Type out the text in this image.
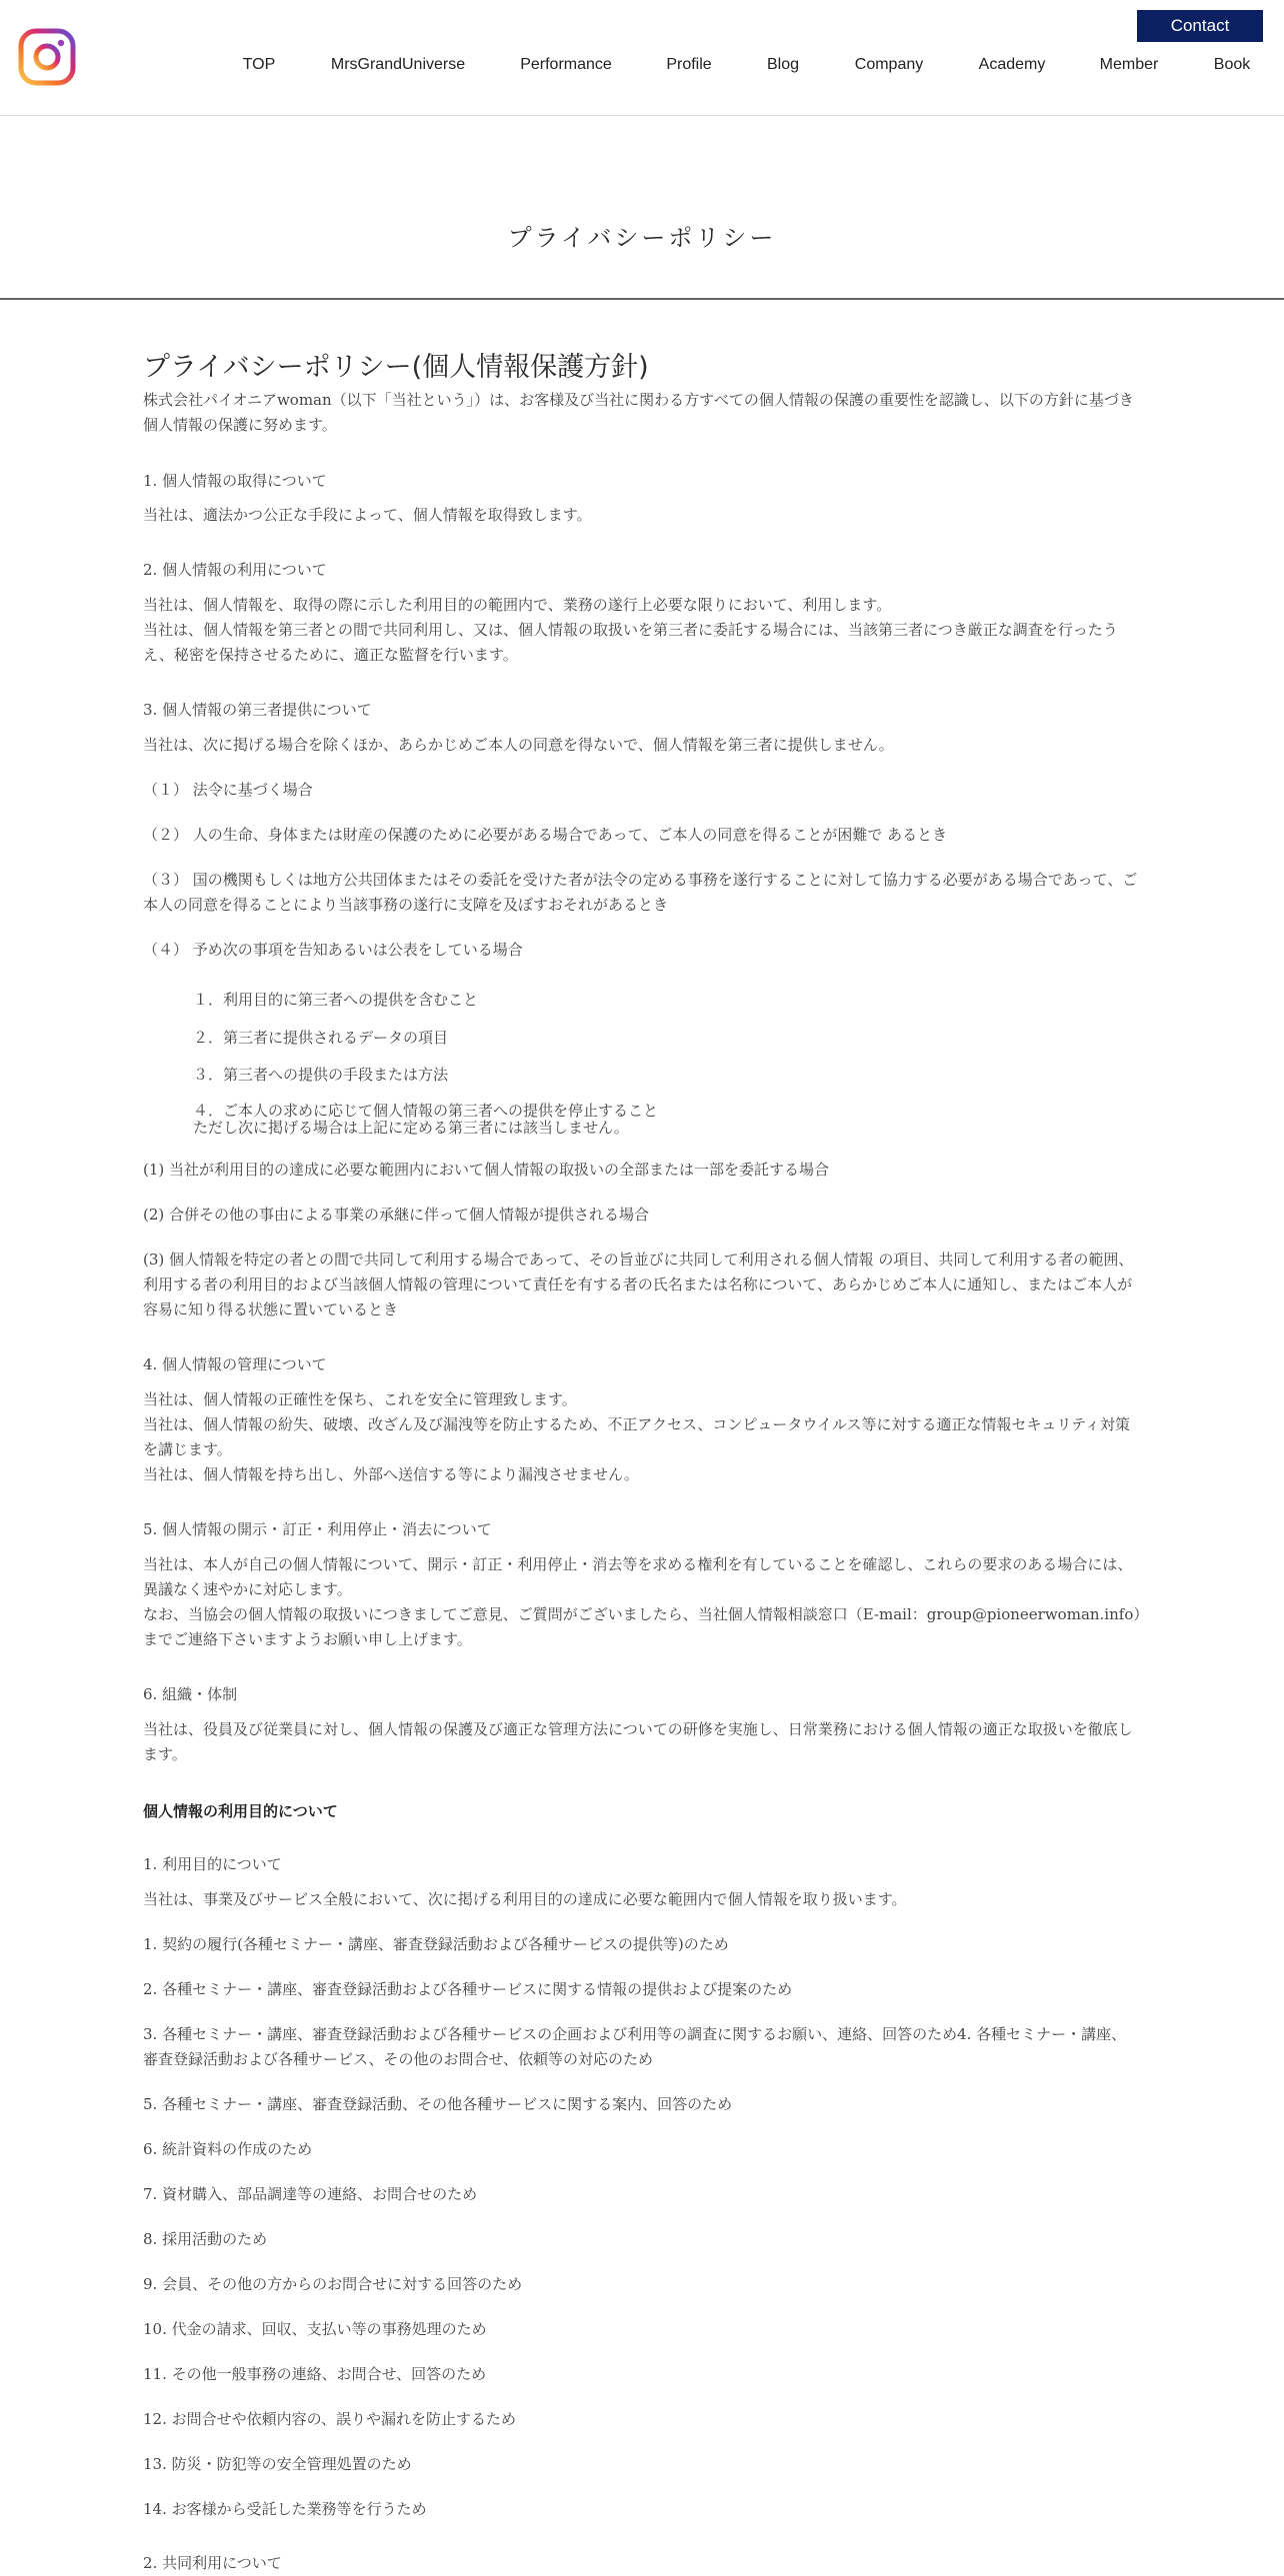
Contact
TOP	MrsGrandUniverse	Performance	Profile	Blog	Company	Academy	Member	Book
プライバシーポリシー
プライバシーポリシー(個人情報保護方針)

株式会社パイオニアwoman（以下「当社という」）は、お客様及び当社に関わる方すべての個人情報の保護の重要性を認識し、以下の方針に基づき個人情報の保護に努めます。

1. 個人情報の取得について

当社は、適法かつ公正な手段によって、個人情報を取得致します。

2. 個人情報の利用について

当社は、個人情報を、取得の際に示した利用目的の範囲内で、業務の遂行上必要な限りにおいて、利用します。

当社は、個人情報を第三者との間で共同利用し、又は、個人情報の取扱いを第三者に委託する場合には、当該第三者につき厳正な調査を行ったうえ、秘密を保持させるために、適正な監督を行います。

3. 個人情報の第三者提供について

当社は、次に掲げる場合を除くほか、あらかじめご本人の同意を得ないで、個人情報を第三者に提供しません。

（１） 法令に基づく場合

（２） 人の生命、身体または財産の保護のために必要がある場合であって、ご本人の同意を得ることが困難で あるとき

（３） 国の機関もしくは地方公共団体またはその委託を受けた者が法令の定める事務を遂行することに対して協力する必要がある場合であって、ご本人の同意を得ることにより当該事務の遂行に支障を及ぼすおそれがあるとき

（４） 予め次の事項を告知あるいは公表をしている場合

１．利用目的に第三者への提供を含むこと

２．第三者に提供されるデータの項目

３．第三者への提供の手段または方法

４．ご本人の求めに応じて個人情報の第三者への提供を停止すること

ただし次に掲げる場合は上記に定める第三者には該当しません。

(1) 当社が利用目的の達成に必要な範囲内において個人情報の取扱いの全部または一部を委託する場合

(2) 合併その他の事由による事業の承継に伴って個人情報が提供される場合

(3) 個人情報を特定の者との間で共同して利用する場合であって、その旨並びに共同して利用される個人情報 の項目、共同して利用する者の範囲、利用する者の利用目的および当該個人情報の管理について責任を有する者の氏名または名称について、あらかじめご本人に通知し、またはご本人が容易に知り得る状態に置いているとき

4. 個人情報の管理について

当社は、個人情報の正確性を保ち、これを安全に管理致します。

当社は、個人情報の紛失、破壊、改ざん及び漏洩等を防止するため、不正アクセス、コンピュータウイルス等に対する適正な情報セキュリティ対策を講じます。

当社は、個人情報を持ち出し、外部へ送信する等により漏洩させません。

5. 個人情報の開示・訂正・利用停止・消去について

当社は、本人が自己の個人情報について、開示・訂正・利用停止・消去等を求める権利を有していることを確認し、これらの要求のある場合には、異議なく速やかに対応します。

なお、当協会の個人情報の取扱いにつきましてご意見、ご質問がございましたら、当社個人情報相談窓口（E-mail：group@pioneerwoman.info）までご連絡下さいますようお願い申し上げます。

6. 組織・体制

当社は、役員及び従業員に対し、個人情報の保護及び適正な管理方法についての研修を実施し、日常業務における個人情報の適正な取扱いを徹底します。

個人情報の利用目的について

1. 利用目的について

当社は、事業及びサービス全般において、次に掲げる利用目的の達成に必要な範囲内で個人情報を取り扱います。

1. 契約の履行(各種セミナー・講座、審査登録活動および各種サービスの提供等)のため

2. 各種セミナー・講座、審査登録活動および各種サービスに関する情報の提供および提案のため

3. 各種セミナー・講座、審査登録活動および各種サービスの企画および利用等の調査に関するお願い、連絡、回答のため4. 各種セミナー・講座、審査登録活動および各種サービス、その他のお問合せ、依頼等の対応のため

5. 各種セミナー・講座、審査登録活動、その他各種サービスに関する案内、回答のため

6. 統計資料の作成のため

7. 資材購入、部品調達等の連絡、お問合せのため

8. 採用活動のため

9. 会員、その他の方からのお問合せに対する回答のため

10. 代金の請求、回収、支払い等の事務処理のため

11. その他一般事務の連絡、お問合せ、回答のため

12. お問合せや依頼内容の、誤りや漏れを防止するため

13. 防災・防犯等の安全管理処置のため

14. お客様から受託した業務等を行うため

2. 共同利用について
